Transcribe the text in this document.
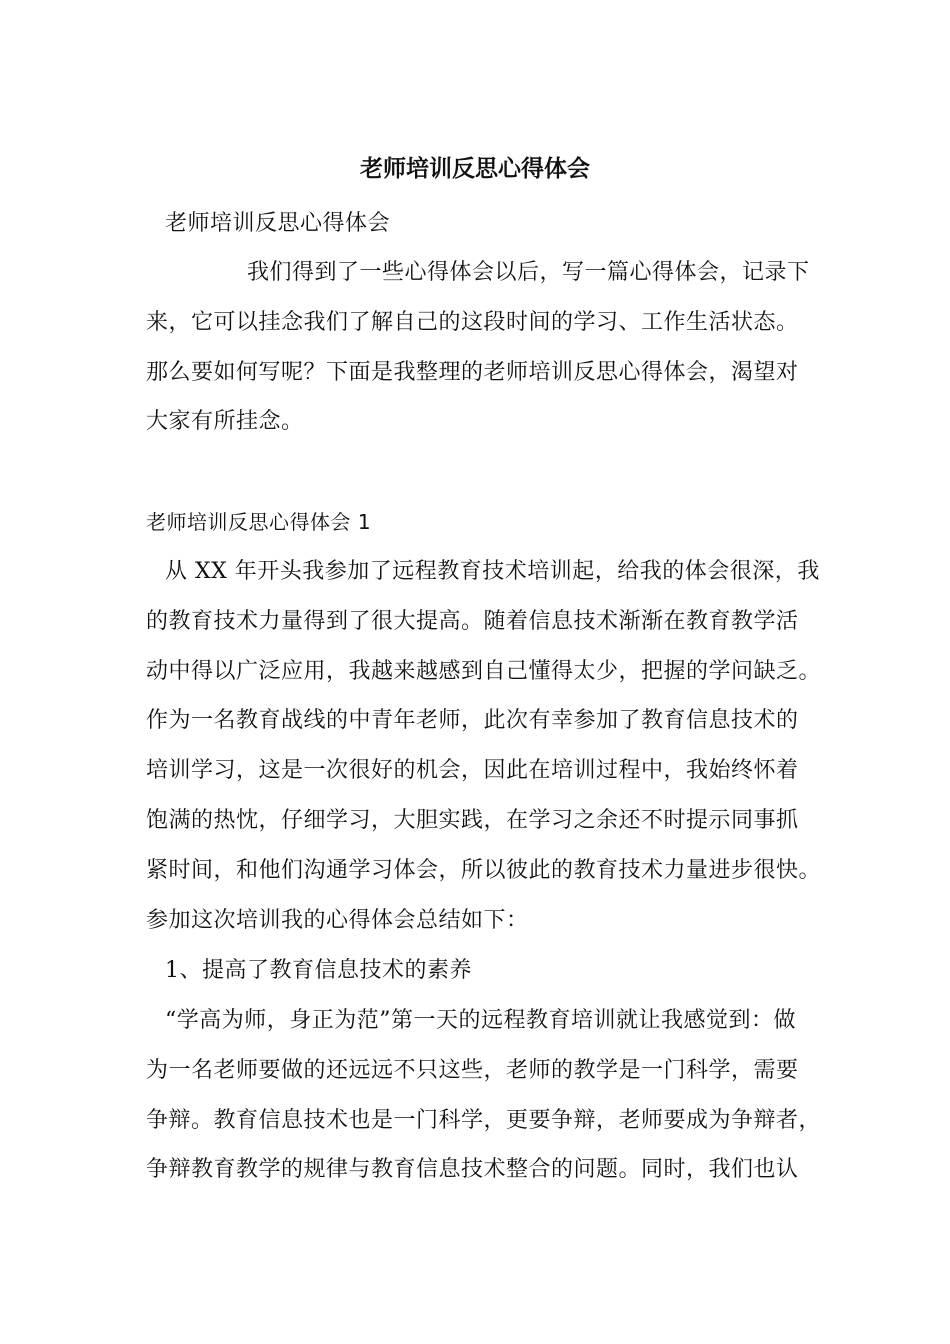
老师培训反思心得体会
老师培训反思心得体会
我们得到了一些心得体会以后，写一篇心得体会，记录下
来，它可以挂念我们了解自己的这段时间的学习、工作生活状态。
那么要如何写呢？下面是我整理的老师培训反思心得体会，渴望对
大家有所挂念。
老师培训反思心得体会 1
从 XX 年开头我参加了远程教育技术培训起，给我的体会很深，我
的教育技术力量得到了很大提高。随着信息技术渐渐在教育教学活
动中得以广泛应用，我越来越感到自己懂得太少，把握的学问缺乏。
作为一名教育战线的中青年老师，此次有幸参加了教育信息技术的
培训学习，这是一次很好的机会，因此在培训过程中，我始终怀着
饱满的热忱，仔细学习，大胆实践，在学习之余还不时提示同事抓
紧时间，和他们沟通学习体会，所以彼此的教育技术力量进步很快。
参加这次培训我的心得体会总结如下：
1、提高了教育信息技术的素养
“学高为师，身正为范”第一天的远程教育培训就让我感觉到：做
为一名老师要做的还远远不只这些，老师的教学是一门科学，需要
争辩。教育信息技术也是一门科学，更要争辩，老师要成为争辩者，
争辩教育教学的规律与教育信息技术整合的问题。同时，我们也认
